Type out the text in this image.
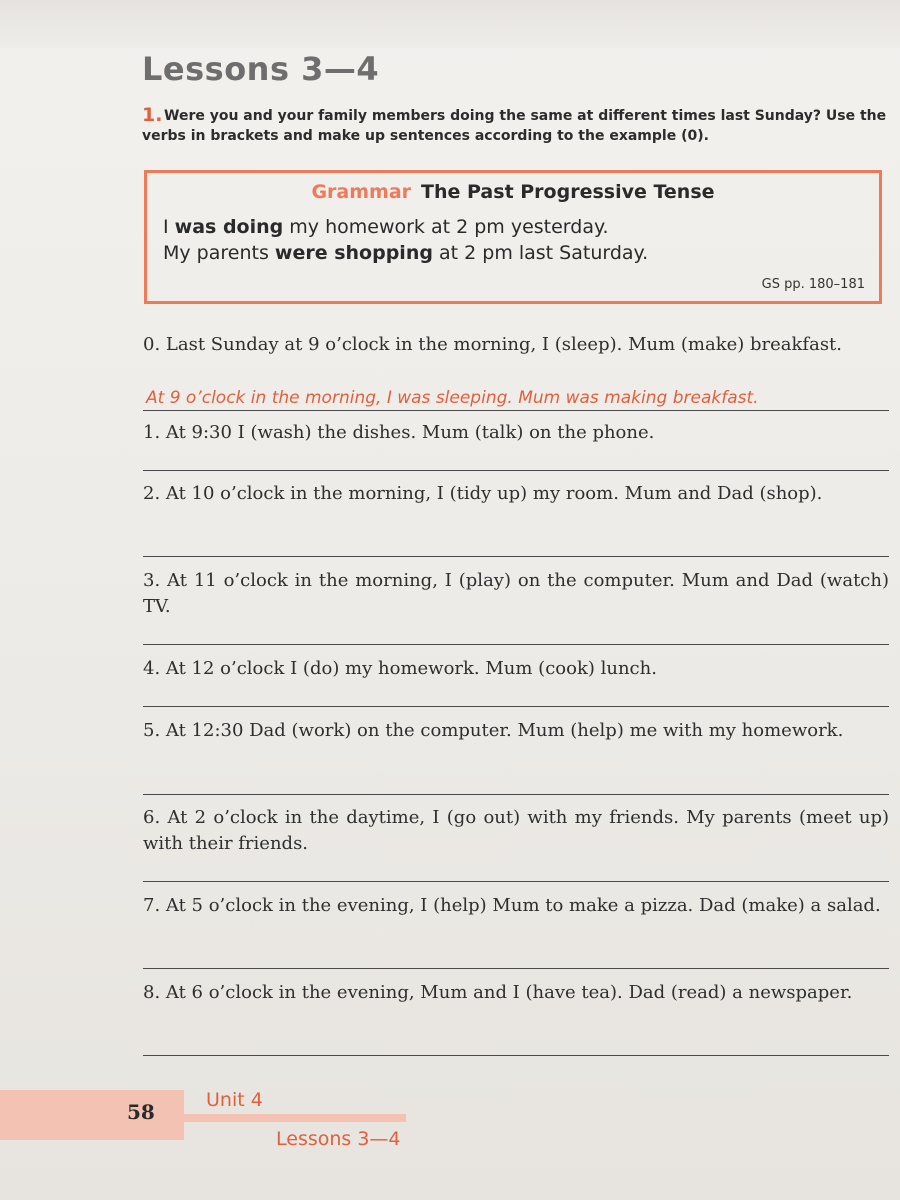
Lessons 3—4
1. Were you and your family members doing the same at different times last Sunday? Use the verbs in brackets and make up sentences according to the example (0).
Grammar The Past Progressive Tense
I was doing my homework at 2 pm yesterday.
My parents were shopping at 2 pm last Saturday.
GS pp. 180–181
0. Last Sunday at 9 o’clock in the morning, I (sleep). Mum (make) breakfast.
At 9 o’clock in the morning, I was sleeping. Mum was making breakfast.
1. At 9:30 I (wash) the dishes. Mum (talk) on the phone.
2. At 10 o’clock in the morning, I (tidy up) my room. Mum and Dad (shop).
3. At 11 o’clock in the morning, I (play) on the computer. Mum and Dad (watch) TV.
4. At 12 o’clock I (do) my homework. Mum (cook) lunch.
5. At 12:30 Dad (work) on the computer. Mum (help) me with my homework.
6. At 2 o’clock in the daytime, I (go out) with my friends. My parents (meet up) with their friends.
7. At 5 o’clock in the evening, I (help) Mum to make a pizza. Dad (make) a salad.
8. At 6 o’clock in the evening, Mum and I (have tea). Dad (read) a newspaper.
58	Unit 4
Lessons 3—4
